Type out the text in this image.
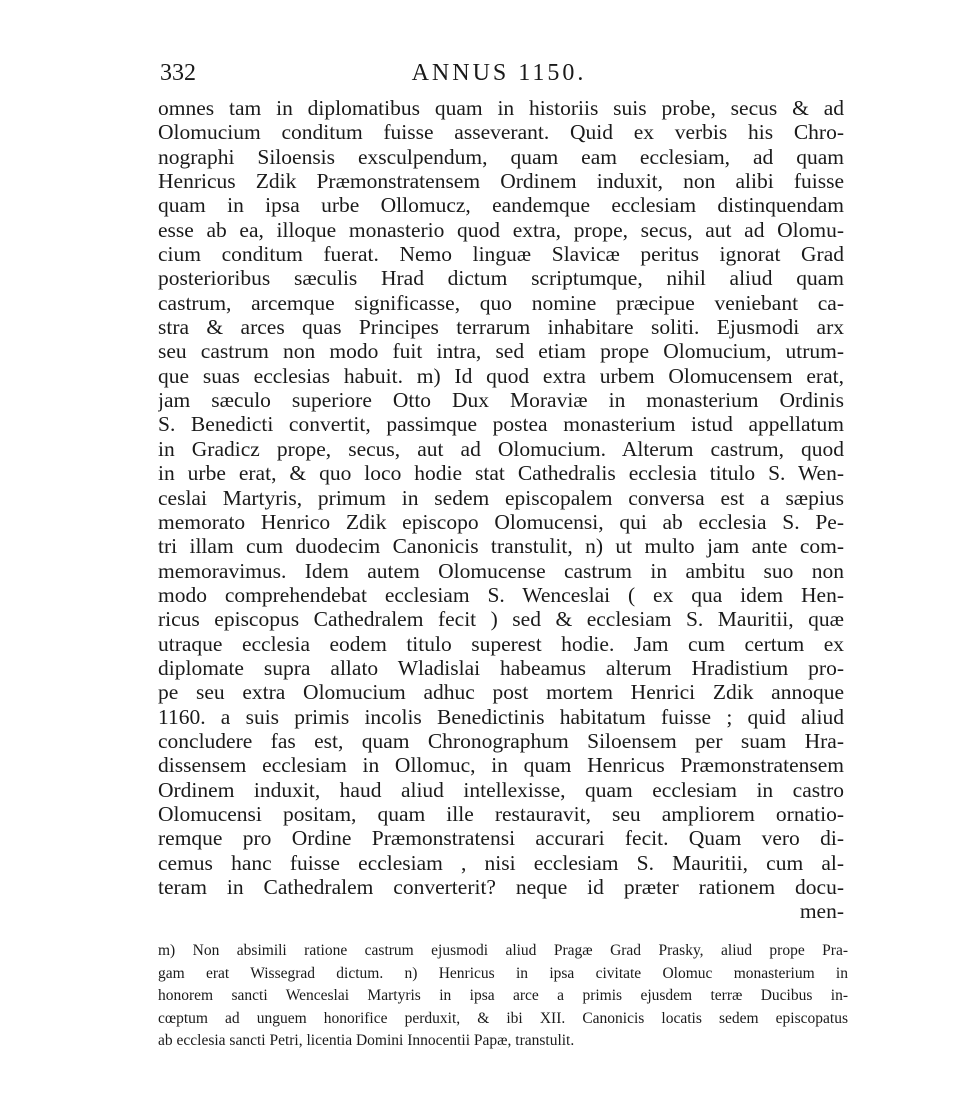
332	ANNUS 1150.
omnes tam in diplomatibus quam in historiis suis probe, secus & ad
Olomucium conditum fuisse asseverant. Quid ex verbis his Chro-
nographi Siloensis exsculpendum, quam eam ecclesiam, ad quam
Henricus Zdik Præmonstratensem Ordinem induxit, non alibi fuisse
quam in ipsa urbe Ollomucz, eandemque ecclesiam distinquendam
esse ab ea, illoque monasterio quod extra, prope, secus, aut ad Olomu-
cium conditum fuerat. Nemo linguæ Slavicæ peritus ignorat Grad
posterioribus sæculis Hrad dictum scriptumque, nihil aliud quam
castrum, arcemque significasse, quo nomine præcipue veniebant ca-
stra & arces quas Principes terrarum inhabitare soliti. Ejusmodi arx
seu castrum non modo fuit intra, sed etiam prope Olomucium, utrum-
que suas ecclesias habuit. m) Id quod extra urbem Olomucensem erat,
jam sæculo superiore Otto Dux Moraviæ in monasterium Ordinis
S. Benedicti convertit, passimque postea monasterium istud appellatum
in Gradicz prope, secus, aut ad Olomucium. Alterum castrum, quod
in urbe erat, & quo loco hodie stat Cathedralis ecclesia titulo S. Wen-
ceslai Martyris, primum in sedem episcopalem conversa est a sæpius
memorato Henrico Zdik episcopo Olomucensi, qui ab ecclesia S. Pe-
tri illam cum duodecim Canonicis transtulit, n) ut multo jam ante com-
memoravimus. Idem autem Olomucense castrum in ambitu suo non
modo comprehendebat ecclesiam S. Wenceslai ( ex qua idem Hen-
ricus episcopus Cathedralem fecit ) sed & ecclesiam S. Mauritii, quæ
utraque ecclesia eodem titulo superest hodie. Jam cum certum ex
diplomate supra allato Wladislai habeamus alterum Hradistium pro-
pe seu extra Olomucium adhuc post mortem Henrici Zdik annoque
1160. a suis primis incolis Benedictinis habitatum fuisse ; quid aliud
concludere fas est, quam Chronographum Siloensem per suam Hra-
dissensem ecclesiam in Ollomuc, in quam Henricus Præmonstratensem
Ordinem induxit, haud aliud intellexisse, quam ecclesiam in castro
Olomucensi positam, quam ille restauravit, seu ampliorem ornatio-
remque pro Ordine Præmonstratensi accurari fecit. Quam vero di-
cemus hanc fuisse ecclesiam , nisi ecclesiam S. Mauritii, cum al-
teram in Cathedralem converterit? neque id præter rationem docu-
men-
m) Non absimili ratione castrum ejusmodi aliud Pragæ Grad Prasky, aliud prope Pra-
gam erat Wissegrad dictum. n) Henricus in ipsa civitate Olomuc monasterium in
honorem sancti Wenceslai Martyris in ipsa arce a primis ejusdem terræ Ducibus in-
cœptum ad unguem honorifice perduxit, & ibi XII. Canonicis locatis sedem episcopatus
ab ecclesia sancti Petri, licentia Domini Innocentii Papæ, transtulit.
